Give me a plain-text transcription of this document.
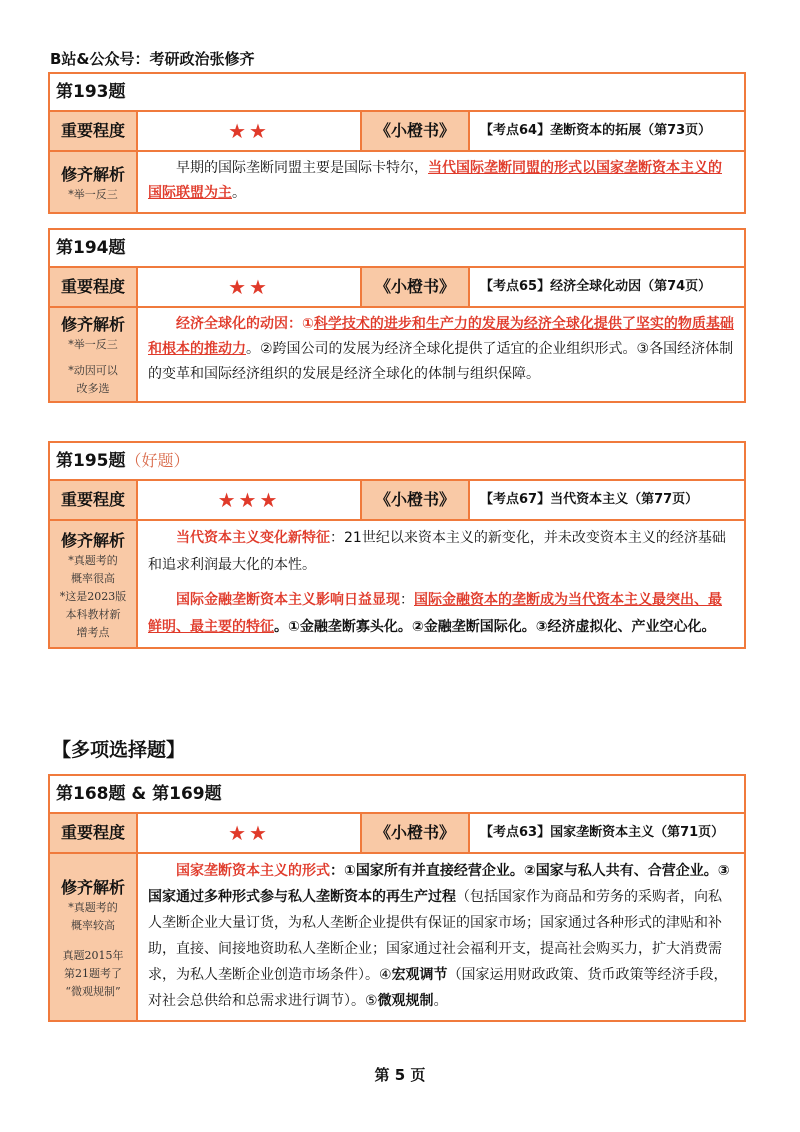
B站&公众号：考研政治张修齐
第193题
重要程度	★★	《小橙书》	【考点64】垄断资本的拓展（第73页）
修齐解析
*举一反三

早期的国际垄断同盟主要是国际卡特尔，当代国际垄断同盟的形式以国家垄断资本主义的国际联盟为主。

第194题
重要程度	★★	《小橙书》	【考点65】经济全球化动因（第74页）
修齐解析
*举一反三
*动因可以
改多选

经济全球化的动因：①科学技术的进步和生产力的发展为经济全球化提供了坚实的物质基础和根本的推动力。②跨国公司的发展为经济全球化提供了适宜的企业组织形式。③各国经济体制的变革和国际经济组织的发展是经济全球化的体制与组织保障。

第195题（好题）
重要程度	★★★	《小橙书》	【考点67】当代资本主义（第77页）
修齐解析
*真题考的
概率很高
*这是2023版
本科教材新
增考点

当代资本主义变化新特征：21世纪以来资本主义的新变化，并未改变资本主义的经济基础和追求利润最大化的本性。

国际金融垄断资本主义影响日益显现：国际金融资本的垄断成为当代资本主义最突出、最鲜明、最主要的特征。①金融垄断寡头化。②金融垄断国际化。③经济虚拟化、产业空心化。

【多项选择题】
第168题 & 第169题
重要程度	★★	《小橙书》	【考点63】国家垄断资本主义（第71页）
修齐解析
*真题考的
概率较高
真题2015年
第21题考了
“微观规制”

国家垄断资本主义的形式：①国家所有并直接经营企业。②国家与私人共有、合营企业。③国家通过多种形式参与私人垄断资本的再生产过程（包括国家作为商品和劳务的采购者，向私人垄断企业大量订货，为私人垄断企业提供有保证的国家市场；国家通过各种形式的津贴和补助，直接、间接地资助私人垄断企业；国家通过社会福利开支，提高社会购买力，扩大消费需求，为私人垄断企业创造市场条件）。④宏观调节（国家运用财政政策、货币政策等经济手段，对社会总供给和总需求进行调节）。⑤微观规制。

第 5 页
